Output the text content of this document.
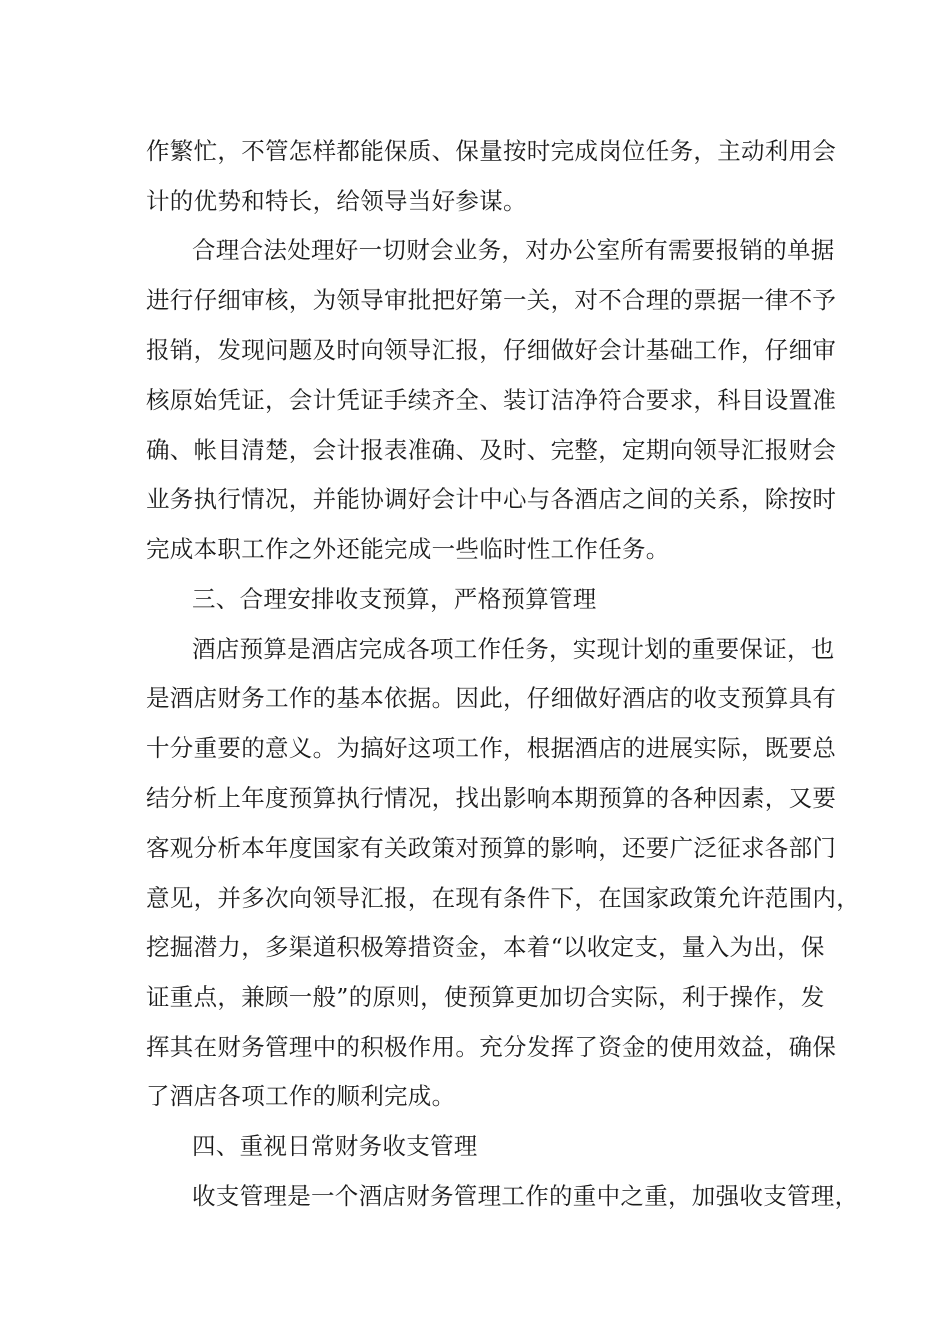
作繁忙，不管怎样都能保质、保量按时完成岗位任务，主动利用会
计的优势和特长，给领导当好参谋。
合理合法处理好一切财会业务，对办公室所有需要报销的单据
进行仔细审核，为领导审批把好第一关，对不合理的票据一律不予
报销，发现问题及时向领导汇报，仔细做好会计基础工作，仔细审
核原始凭证，会计凭证手续齐全、装订洁净符合要求，科目设置准
确、帐目清楚，会计报表准确、及时、完整，定期向领导汇报财会
业务执行情况，并能协调好会计中心与各酒店之间的关系，除按时
完成本职工作之外还能完成一些临时性工作任务。
三、合理安排收支预算，严格预算管理
酒店预算是酒店完成各项工作任务，实现计划的重要保证，也
是酒店财务工作的基本依据。因此，仔细做好酒店的收支预算具有
十分重要的意义。为搞好这项工作，根据酒店的进展实际，既要总
结分析上年度预算执行情况，找出影响本期预算的各种因素，又要
客观分析本年度国家有关政策对预算的影响，还要广泛征求各部门
意见，并多次向领导汇报，在现有条件下，在国家政策允许范围内，
挖掘潜力，多渠道积极筹措资金，本着“以收定支，量入为出，保
证重点，兼顾一般”的原则，使预算更加切合实际，利于操作，发
挥其在财务管理中的积极作用。充分发挥了资金的使用效益，确保
了酒店各项工作的顺利完成。
四、重视日常财务收支管理
收支管理是一个酒店财务管理工作的重中之重，加强收支管理，
